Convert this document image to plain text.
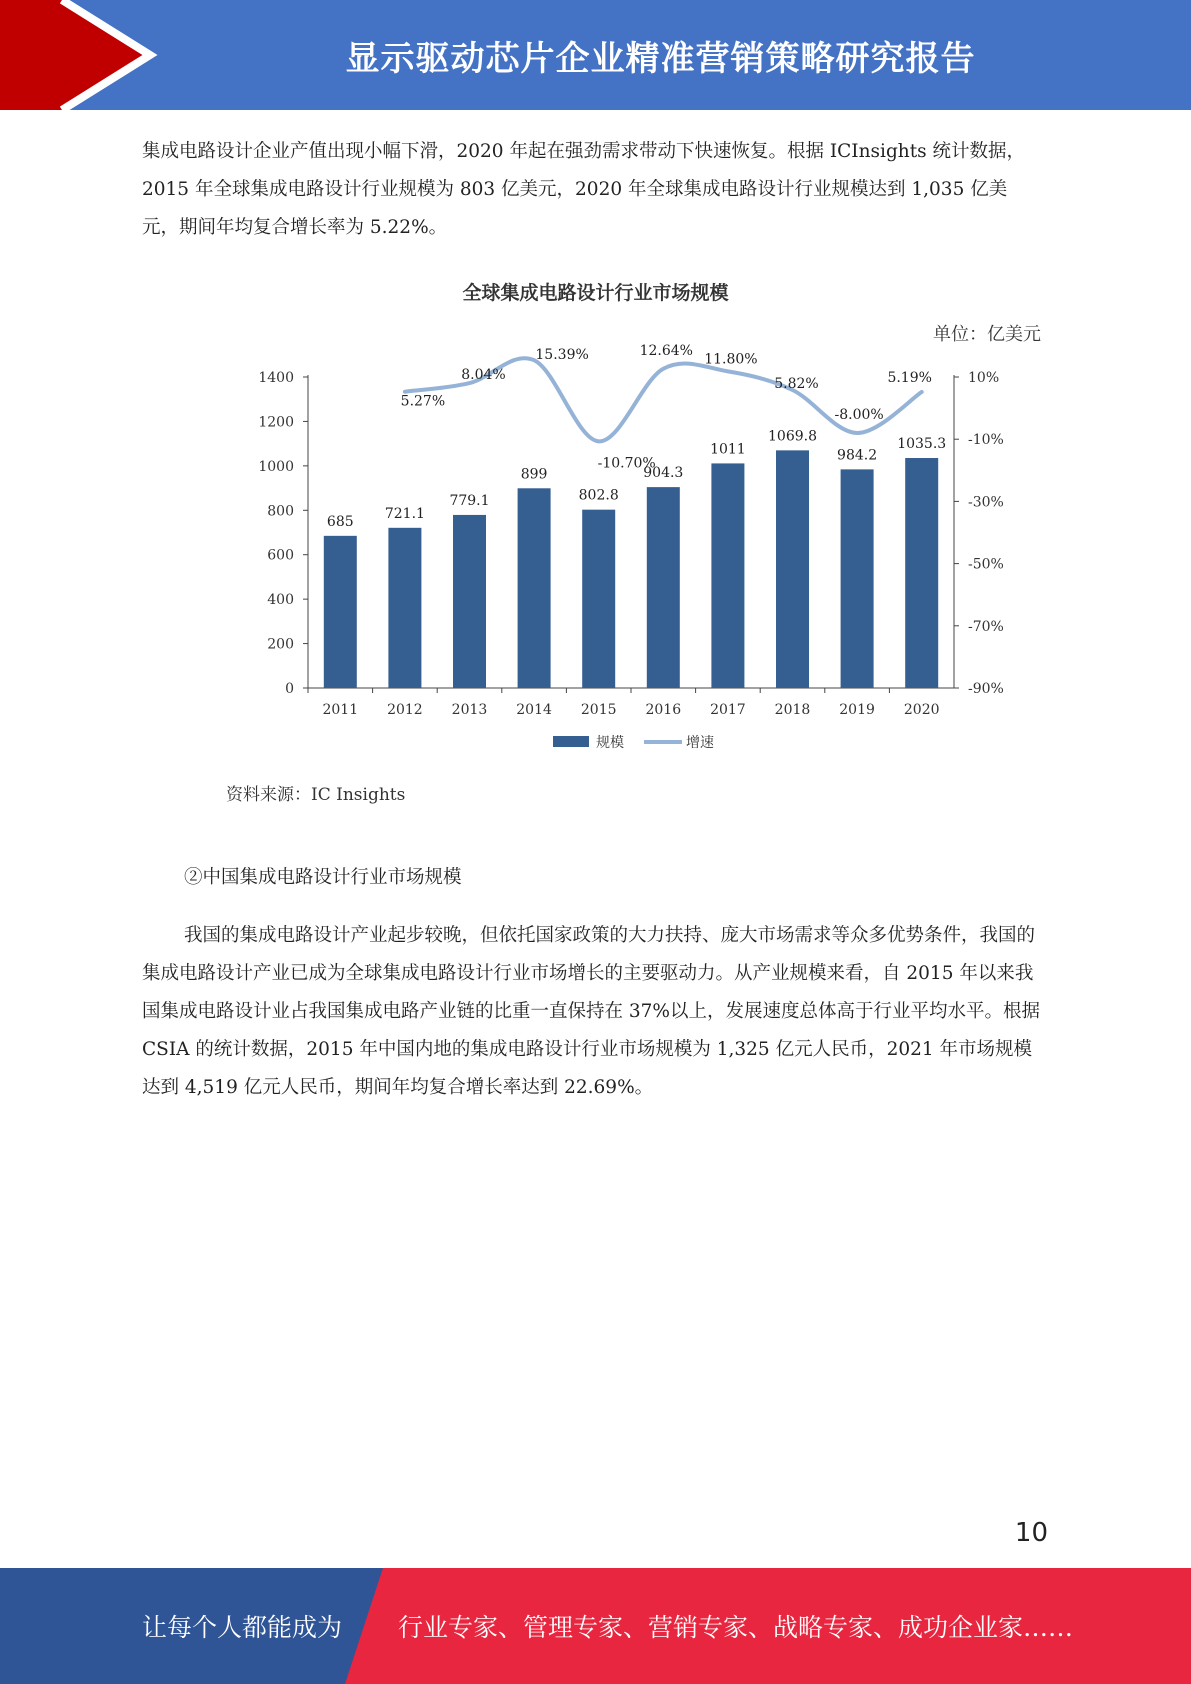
显示驱动芯片企业精准营销策略研究报告

集成电路设计企业产值出现小幅下滑，2020 年起在强劲需求带动下快速恢复。根据 ICInsights 统计数据，2015 年全球集成电路设计行业规模为 803 亿美元，2020 年全球集成电路设计行业规模达到 1,035 亿美元，期间年均复合增长率为 5.22%。

全球集成电路设计行业市场规模
单位：亿美元
0
200
400
600
800
1000
1200
1400
-90%
-70%
-50%
-30%
-10%
10%
685
721.1
779.1
899
802.8
904.3
1011
1069.8
984.2
1035.3
2011 2012 2013 2014 2015 2016 2017 2018 2019 2020
5.27%
8.04%
15.39%
-10.70%
12.64%
11.80%
5.82%
-8.00%
5.19%
规模	增速
资料来源：IC Insights

②中国集成电路设计行业市场规模

我国的集成电路设计产业起步较晚，但依托国家政策的大力扶持、庞大市场需求等众多优势条件，我国的集成电路设计产业已成为全球集成电路设计行业市场增长的主要驱动力。从产业规模来看，自 2015 年以来我国集成电路设计业占我国集成电路产业链的比重一直保持在 37%以上，发展速度总体高于行业平均水平。根据 CSIA 的统计数据，2015 年中国内地的集成电路设计行业市场规模为 1,325 亿元人民币，2021 年市场规模达到 4,519 亿元人民币，期间年均复合增长率达到 22.69%。

10
让每个人都能成为 行业专家、管理专家、营销专家、战略专家、成功企业家……
